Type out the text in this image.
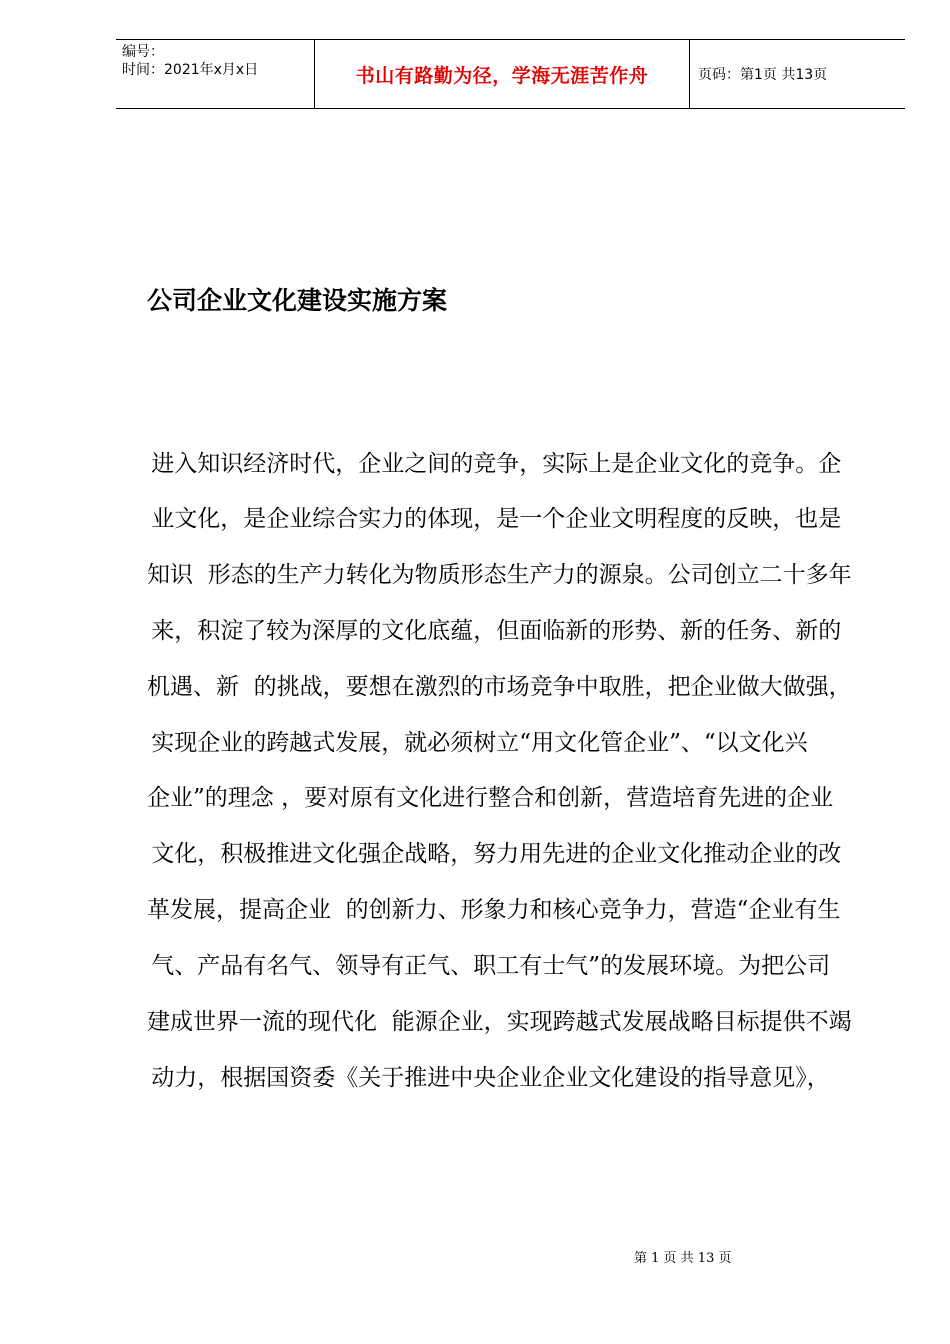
编号：
时间：2021年x月x日	书山有路勤为径，学海无涯苦作舟	页码：第1页 共13页
公司企业文化建设实施方案
进入知识经济时代，企业之间的竞争，实际上是企业文化的竞争。企
业文化，是企业综合实力的体现，是一个企业文明程度的反映，也是
知识  形态的生产力转化为物质形态生产力的源泉。公司创立二十多年
来，积淀了较为深厚的文化底蕴，但面临新的形势、新的任务、新的
机遇、新  的挑战，要想在激烈的市场竞争中取胜，把企业做大做强，
实现企业的跨越式发展，就必须树立“用文化管企业”、“以文化兴
企业”的理念 ，要对原有文化进行整合和创新，营造培育先进的企业
文化，积极推进文化强企战略，努力用先进的企业文化推动企业的改
革发展，提高企业  的创新力、形象力和核心竞争力，营造“企业有生
气、产品有名气、领导有正气、职工有士气”的发展环境。为把公司
建成世界一流的现代化  能源企业，实现跨越式发展战略目标提供不竭
动力，根据国资委《关于推进中央企业企业文化建设的指导意见》，
第 1 页 共 13 页
